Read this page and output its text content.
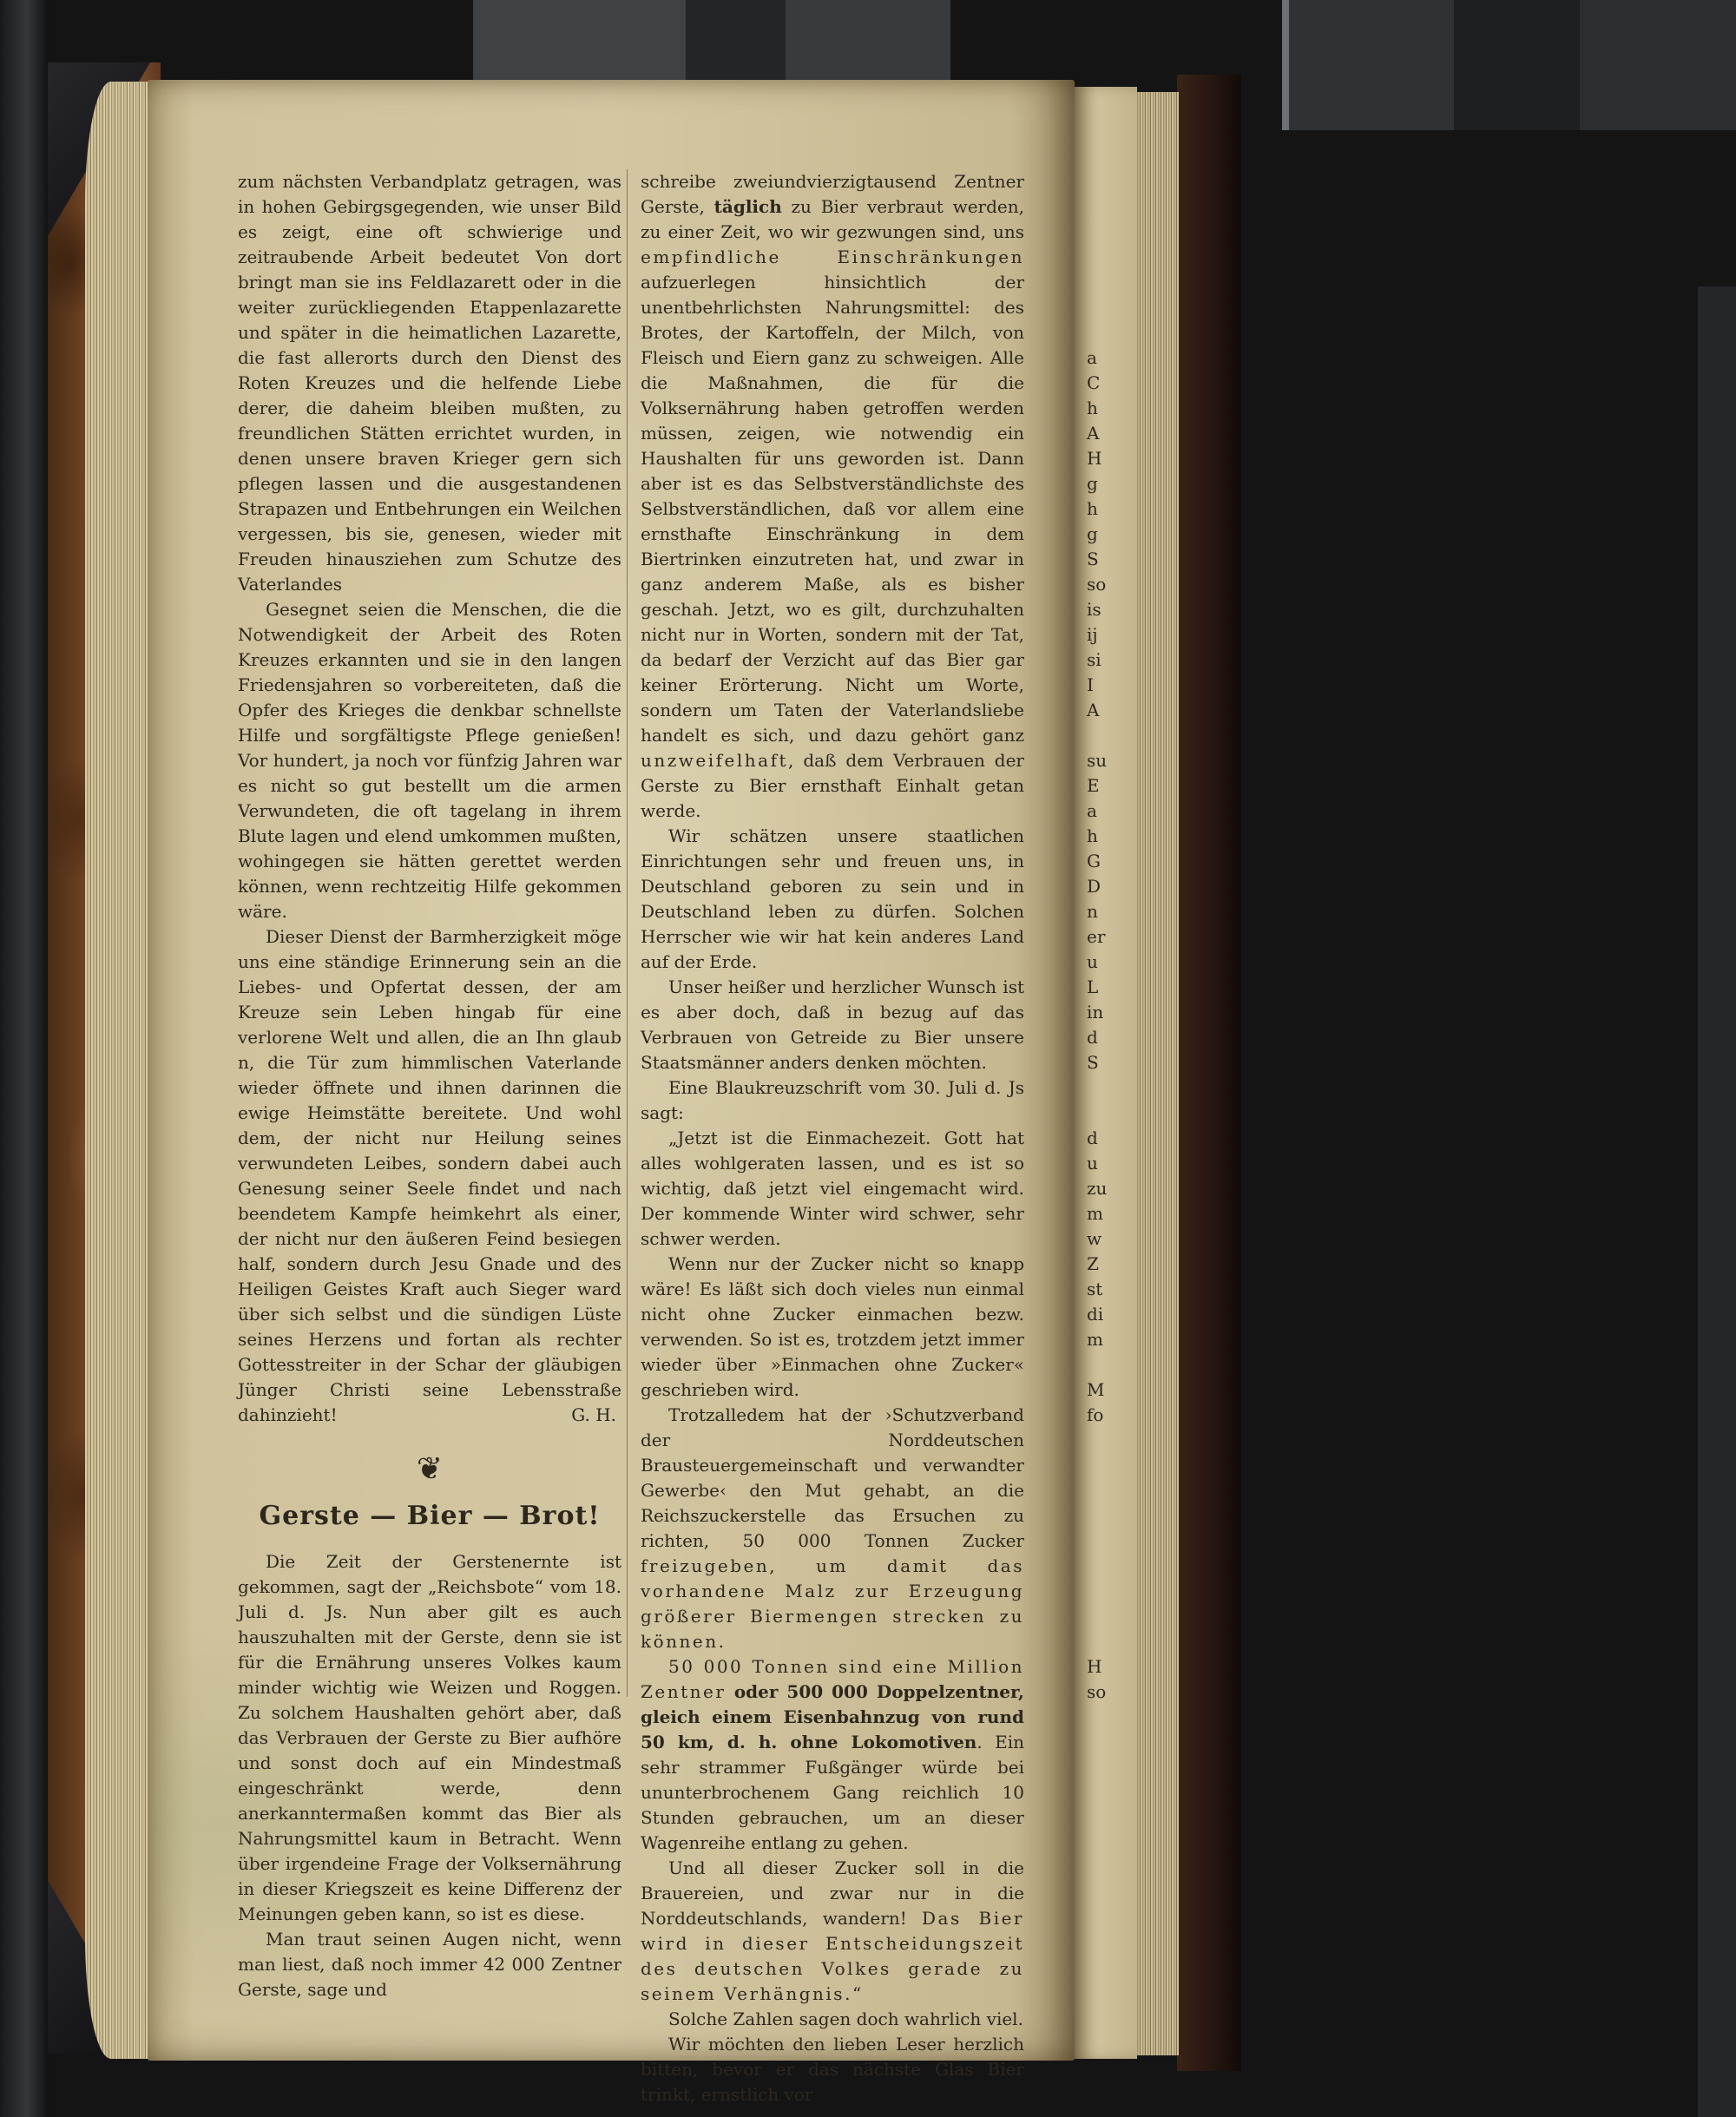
a
C
h
A
H
g
h
g
S
so
is
ij
si
I
A
su
E
a
h
G
D
n
er
u
L
in
d
S
d
u
zu
m
w
Z
st
di
m
M
fo
H
so

zum nächsten Verbandplatz getragen, was in hohen Gebirgsgegenden, wie unser Bild es zeigt, eine oft schwierige und zeitraubende Arbeit bedeutet Von dort bringt man sie ins Feldlazarett oder in die weiter zurückliegenden Etappenlazarette und später in die heimatlichen Lazarette, die fast allerorts durch den Dienst des Roten Kreuzes und die helfende Liebe derer, die daheim bleiben mußten, zu freundlichen Stätten errichtet wurden, in denen unsere braven Krieger gern sich pflegen lassen und die ausgestandenen Strapazen und Entbehrungen ein Weilchen vergessen, bis sie, genesen, wieder mit Freuden hinausziehen zum Schutze des Vaterlandes

Gesegnet seien die Menschen, die die Notwendigkeit der Arbeit des Roten Kreuzes erkannten und sie in den langen Friedensjahren so vorbereiteten, daß die Opfer des Krieges die denkbar schnellste Hilfe und sorgfältigste Pflege genießen! Vor hundert, ja noch vor fünfzig Jahren war es nicht so gut bestellt um die armen Verwundeten, die oft tagelang in ihrem Blute lagen und elend umkommen mußten, wohingegen sie hätten gerettet werden können, wenn rechtzeitig Hilfe gekommen wäre.

Dieser Dienst der Barmherzigkeit möge uns eine ständige Erinnerung sein an die Liebes- und Opfertat dessen, der am Kreuze sein Leben hingab für eine verlorene Welt und allen, die an Ihn glaub n, die Tür zum himmlischen Vaterlande wieder öffnete und ihnen darinnen die ewige Heimstätte bereitete. Und wohl dem, der nicht nur Heilung seines verwundeten Leibes, sondern dabei auch Genesung seiner Seele findet und nach beendetem Kampfe heimkehrt als einer, der nicht nur den äußeren Feind besiegen half, sondern durch Jesu Gnade und des Heiligen Geistes Kraft auch Sieger ward über sich selbst und die sündigen Lüste seines Herzens und fortan als rechter Gottesstreiter in der Schar der gläubigen Jünger Christi seine Lebensstraße dahinzieht!	G. H.
❦
Gerste — Bier — Brot!

Die Zeit der Gerstenernte ist gekommen, sagt der „Reichsbote“ vom 18. Juli d. Js. Nun aber gilt es auch hauszuhalten mit der Gerste, denn sie ist für die Ernährung unseres Volkes kaum minder wichtig wie Weizen und Roggen. Zu solchem Haushalten gehört aber, daß das Verbrauen der Gerste zu Bier aufhöre und sonst doch auf ein Mindestmaß eingeschränkt werde, denn anerkanntermaßen kommt das Bier als Nahrungsmittel kaum in Betracht. Wenn über irgendeine Frage der Volksernährung in dieser Kriegszeit es keine Differenz der Meinungen geben kann, so ist es diese.

Man traut seinen Augen nicht, wenn man liest, daß noch immer 42 000 Zentner Gerste, sage und

schreibe zweiundvierzigtausend Zentner Gerste, täglich zu Bier verbraut werden, zu einer Zeit, wo wir gezwungen sind, uns empfindliche Einschränkungen aufzuerlegen hinsichtlich der unentbehrlichsten Nahrungsmittel: des Brotes, der Kartoffeln, der Milch, von Fleisch und Eiern ganz zu schweigen. Alle die Maßnahmen, die für die Volksernährung haben getroffen werden müssen, zeigen, wie notwendig ein Haushalten für uns geworden ist. Dann aber ist es das Selbstverständlichste des Selbstverständlichen, daß vor allem eine ernsthafte Einschränkung in dem Biertrinken einzutreten hat, und zwar in ganz anderem Maße, als es bisher geschah. Jetzt, wo es gilt, durchzuhalten nicht nur in Worten, sondern mit der Tat, da bedarf der Verzicht auf das Bier gar keiner Erörterung. Nicht um Worte, sondern um Taten der Vaterlandsliebe handelt es sich, und dazu gehört ganz unzweifelhaft, daß dem Verbrauen der Gerste zu Bier ernsthaft Einhalt getan werde.

Wir schätzen unsere staatlichen Einrichtungen sehr und freuen uns, in Deutschland geboren zu sein und in Deutschland leben zu dürfen. Solchen Herrscher wie wir hat kein anderes Land auf der Erde.

Unser heißer und herzlicher Wunsch ist es aber doch, daß in bezug auf das Verbrauen von Getreide zu Bier unsere Staatsmänner anders denken möchten.

Eine Blaukreuzschrift vom 30. Juli d. Js sagt:

„Jetzt ist die Einmachezeit. Gott hat alles wohlgeraten lassen, und es ist so wichtig, daß jetzt viel eingemacht wird. Der kommende Winter wird schwer, sehr schwer werden.

Wenn nur der Zucker nicht so knapp wäre! Es läßt sich doch vieles nun einmal nicht ohne Zucker einmachen bezw. verwenden. So ist es, trotzdem jetzt immer wieder über »Einmachen ohne Zucker« geschrieben wird.

Trotzalledem hat der ›Schutzverband der Norddeutschen Brausteuergemeinschaft und verwandter Gewerbe‹ den Mut gehabt, an die Reichszuckerstelle das Ersuchen zu richten, 50 000 Tonnen Zucker freizugeben, um damit das vorhandene Malz zur Erzeugung größerer Biermengen strecken zu können.

50 000 Tonnen sind eine Million Zentner oder 500 000 Doppelzentner, gleich einem Eisenbahnzug von rund 50 km, d. h. ohne Lokomotiven. Ein sehr strammer Fußgänger würde bei ununterbrochenem Gang reichlich 10 Stunden gebrauchen, um an dieser Wagenreihe entlang zu gehen.

Und all dieser Zucker soll in die Brauereien, und zwar nur in die Norddeutschlands, wandern! Das Bier wird in dieser Entscheidungszeit des deutschen Volkes gerade zu seinem Verhängnis.“

Solche Zahlen sagen doch wahrlich viel.

Wir möchten den lieben Leser herzlich bitten, bevor er das nächste Glas Bier trinkt, ernstlich vor
